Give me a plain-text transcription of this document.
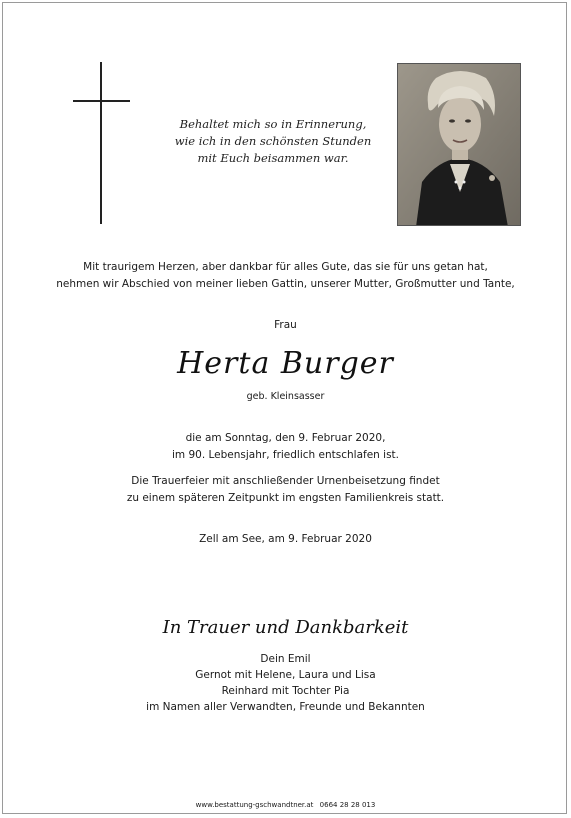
Behaltet mich so in Erinnerung,
wie ich in den schönsten Stunden
mit Euch beisammen war.
Mit traurigem Herzen, aber dankbar für alles Gute, das sie für uns getan hat,
nehmen wir Abschied von meiner lieben Gattin, unserer Mutter, Großmutter und Tante,
Frau
Herta Burger
geb. Kleinsasser
die am Sonntag, den 9. Februar 2020,
im 90. Lebensjahr, friedlich entschlafen ist.
Die Trauerfeier mit anschließender Urnenbeisetzung findet
zu einem späteren Zeitpunkt im engsten Familienkreis statt.
Zell am See, am 9. Februar 2020
In Trauer und Dankbarkeit
Dein Emil
Gernot mit Helene, Laura und Lisa
Reinhard mit Tochter Pia
im Namen aller Verwandten, Freunde und Bekannten
www.bestattung-gschwandtner.at 0664 28 28 013
